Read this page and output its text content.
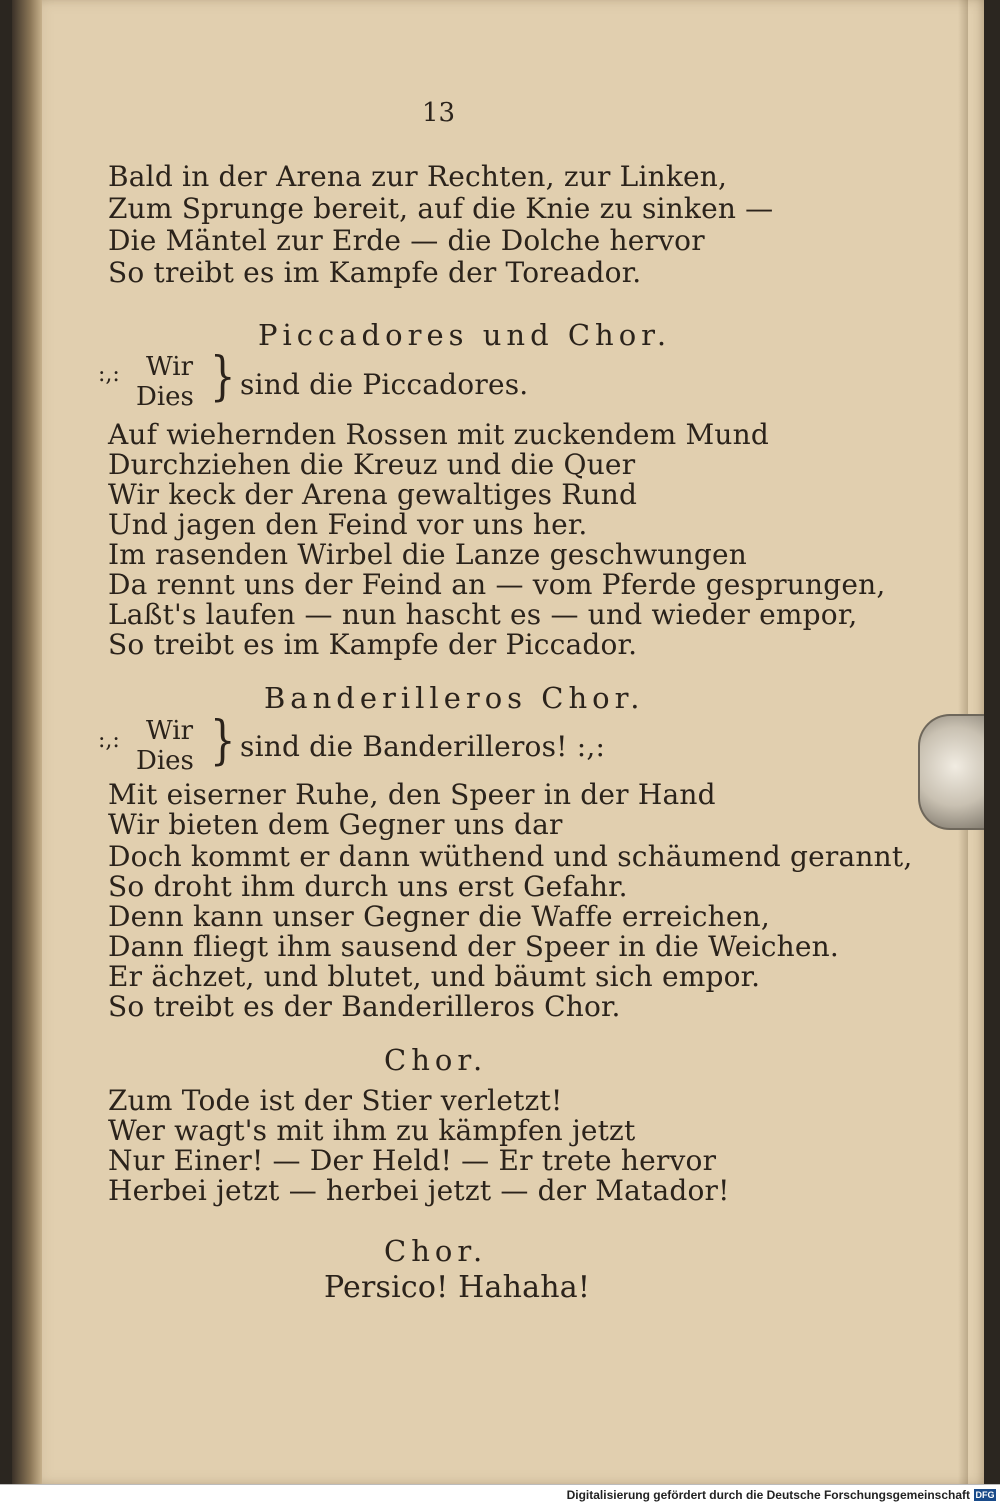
13

Bald in der Arena zur Rechten, zur Linken,

Zum Sprunge bereit, auf die Knie zu sinken —

Die Mäntel zur Erde — die Dolche hervor

So treibt es im Kampfe der Toreador.

Piccadores und Chor.

:,: Wir
Dies } sind die Piccadores.

Auf wiehernden Rossen mit zuckendem Mund

Durchziehen die Kreuz und die Quer

Wir keck der Arena gewaltiges Rund

Und jagen den Feind vor uns her.

Im rasenden Wirbel die Lanze geschwungen

Da rennt uns der Feind an — vom Pferde gesprungen,

Laßt's laufen — nun hascht es — und wieder empor,

So treibt es im Kampfe der Piccador.

Banderilleros Chor.

:,: Wir
Dies } sind die Banderilleros! :,:

Mit eiserner Ruhe, den Speer in der Hand

Wir bieten dem Gegner uns dar

Doch kommt er dann wüthend und schäumend gerannt,

So droht ihm durch uns erst Gefahr.

Denn kann unser Gegner die Waffe erreichen,

Dann fliegt ihm sausend der Speer in die Weichen.

Er ächzet, und blutet, und bäumt sich empor.

So treibt es der Banderilleros Chor.

Chor.

Zum Tode ist der Stier verletzt!

Wer wagt's mit ihm zu kämpfen jetzt

Nur Einer! — Der Held! — Er trete hervor

Herbei jetzt — herbei jetzt — der Matador!

Chor.

Persico! Hahaha!

Digitalisierung gefördert durch die Deutsche Forschungsgemeinschaft DFG
